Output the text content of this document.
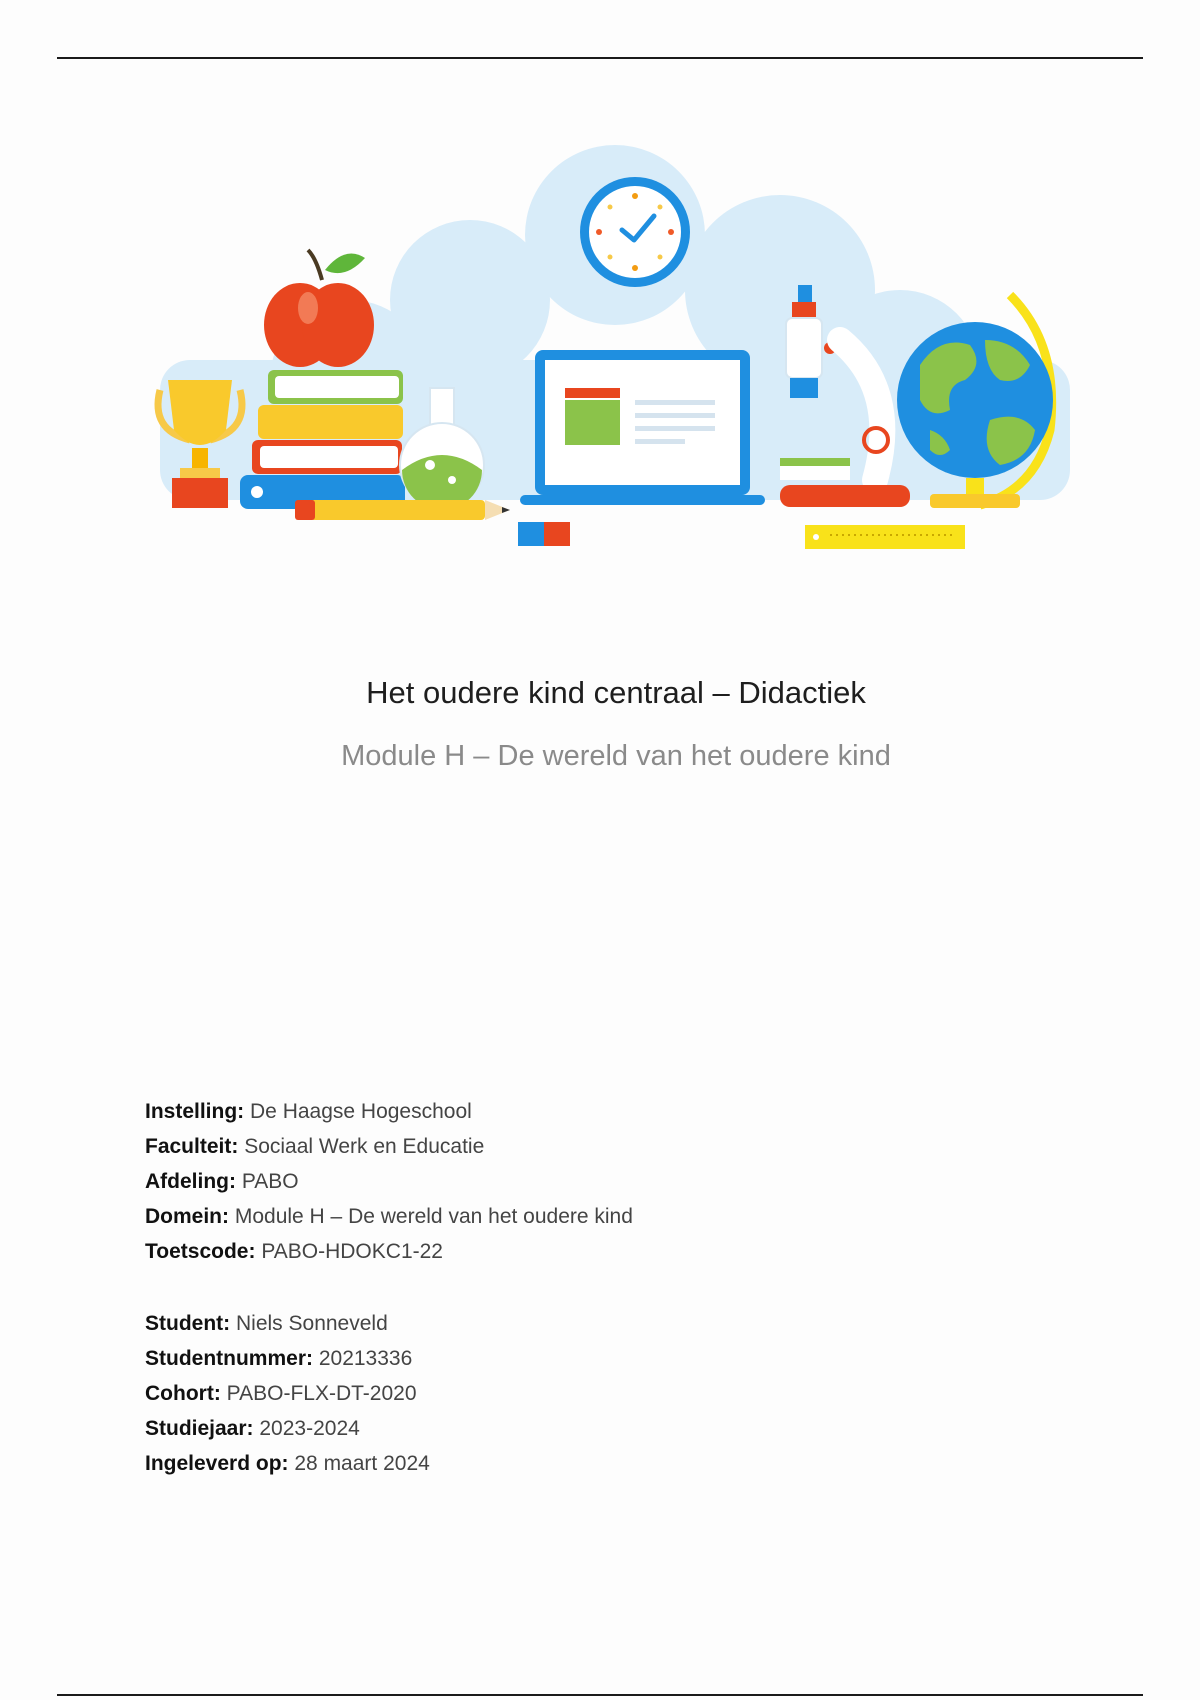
Het oudere kind centraal – Didactiek
Module H – De wereld van het oudere kind
Instelling: De Haagse Hogeschool
Faculteit: Sociaal Werk en Educatie
Afdeling: PABO
Domein: Module H – De wereld van het oudere kind
Toetscode: PABO-HDOKC1-22
Student: Niels Sonneveld
Studentnummer: 20213336
Cohort: PABO-FLX-DT-2020
Studiejaar: 2023-2024
Ingeleverd op: 28 maart 2024
